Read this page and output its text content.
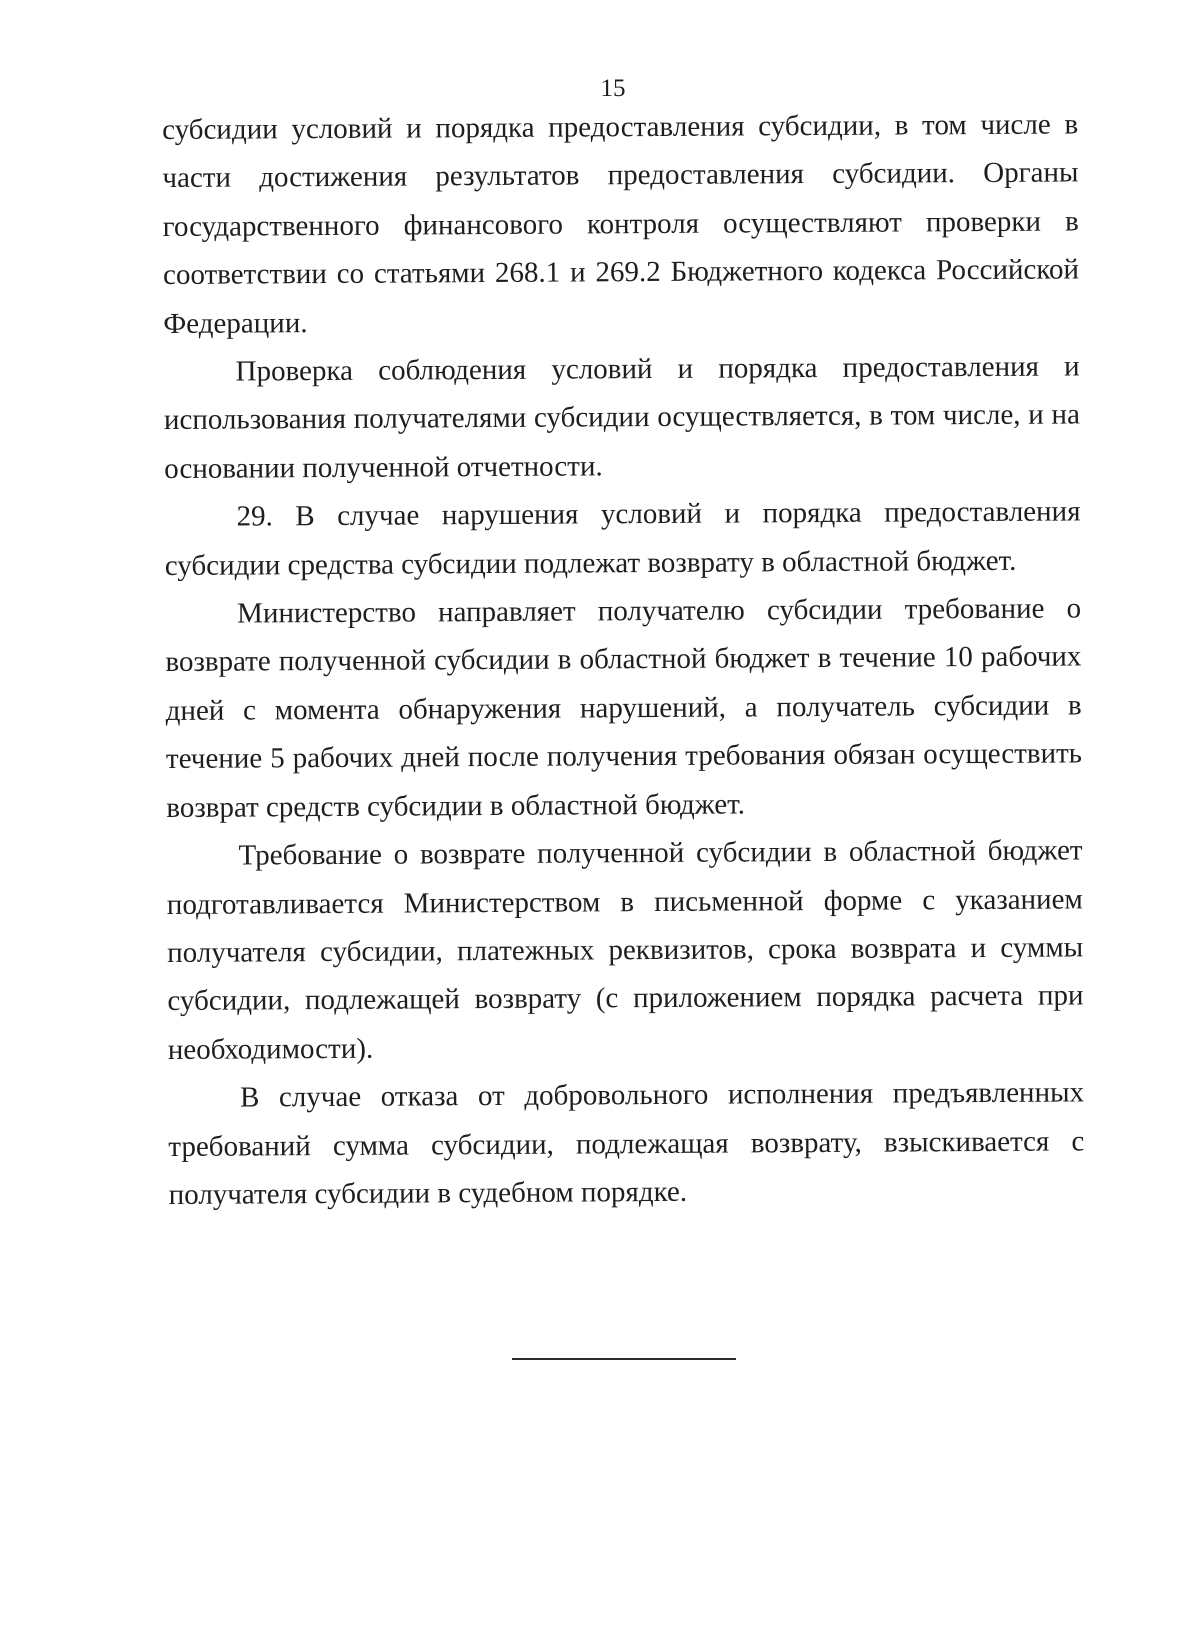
15

субсидии условий и порядка предоставления субсидии, в том числе в части достижения результатов предоставления субсидии. Органы государственного финансового контроля осуществляют проверки в соответствии со статьями 268.1 и 269.2 Бюджетного кодекса Российской Федерации.

Проверка соблюдения условий и порядка предоставления и использования получателями субсидии осуществляется, в том числе, и на основании полученной отчетности.

29. В случае нарушения условий и порядка предоставления субсидии средства субсидии подлежат возврату в областной бюджет.

Министерство направляет получателю субсидии требование о возврате полученной субсидии в областной бюджет в течение 10 рабочих дней с момента обнаружения нарушений, а получатель субсидии в течение 5 рабочих дней после получения требования обязан осуществить возврат средств субсидии в областной бюджет.

Требование о возврате полученной субсидии в областной бюджет подготавливается Министерством в письменной форме с указанием получателя субсидии, платежных реквизитов, срока возврата и суммы субсидии, подлежащей возврату (с приложением порядка расчета при необходимости).

В случае отказа от добровольного исполнения предъявленных требований сумма субсидии, подлежащая возврату, взыскивается с получателя субсидии в судебном порядке.
